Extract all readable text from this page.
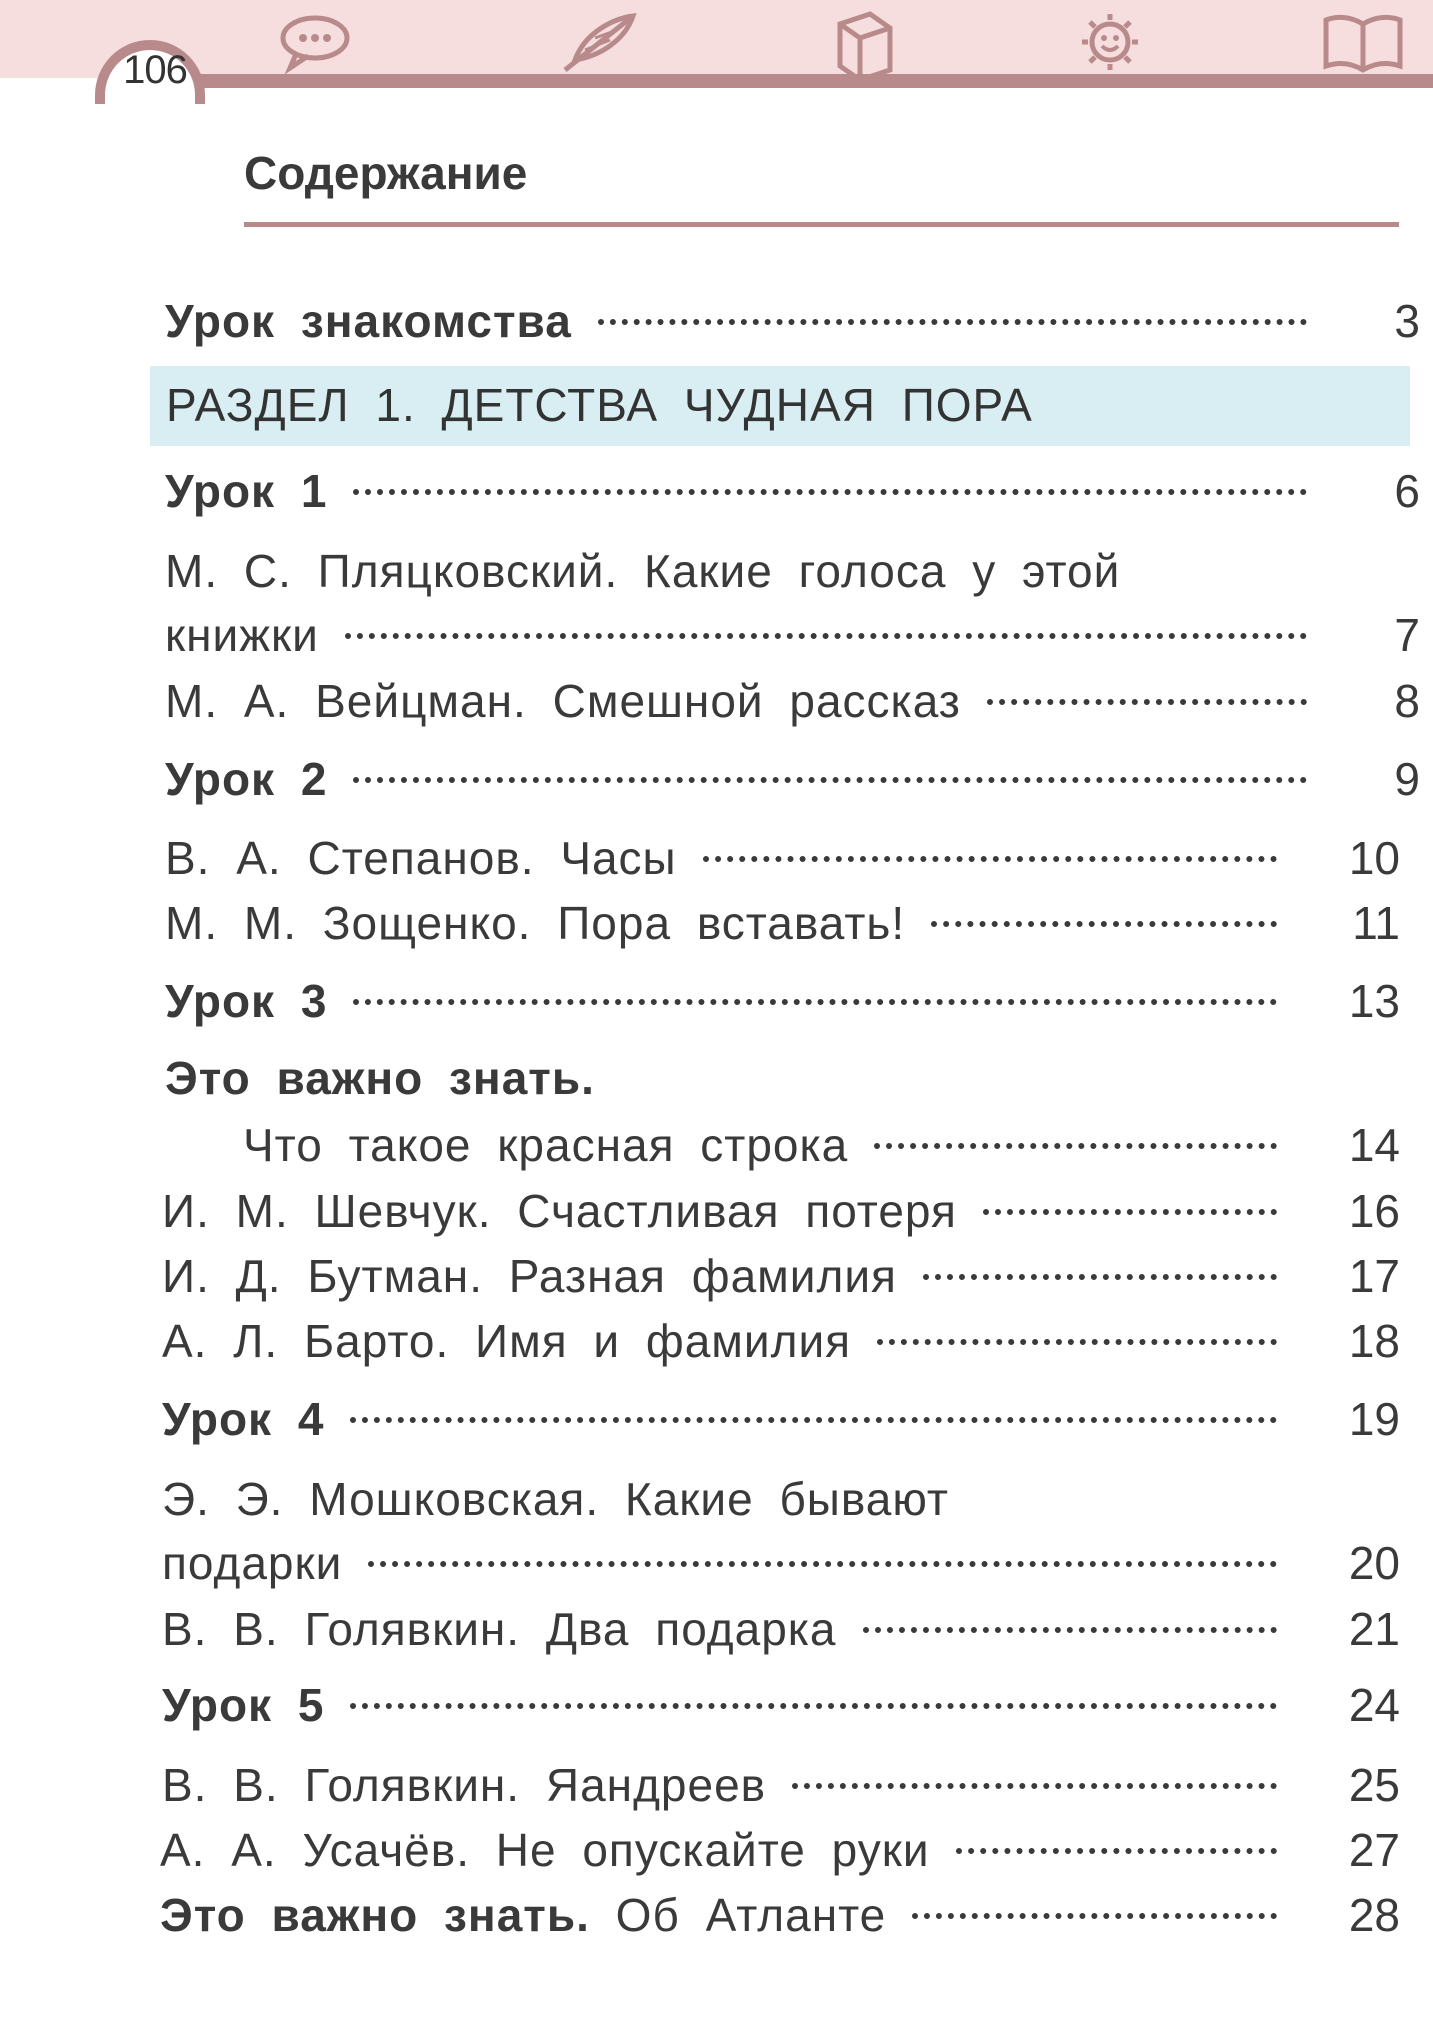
106
Содержание
Урок знакомства	3
РАЗДЕЛ 1. ДЕТСТВА ЧУДНАЯ ПОРА
Урок 1	6
М. С. Пляцковский. Какие голоса у этой
книжки	7
М. А. Вейцман. Смешной рассказ	8
Урок 2	9
В. А. Степанов. Часы	10
М. М. Зощенко. Пора вставать!	11
Урок 3	13
Это важно знать.
Что такое красная строка	14
И. М. Шевчук. Счастливая потеря	16
И. Д. Бутман. Разная фамилия	17
А. Л. Барто. Имя и фамилия	18
Урок 4	19
Э. Э. Мошковская. Какие бывают
подарки	20
В. В. Голявкин. Два подарка	21
Урок 5	24
В. В. Голявкин. Яандреев	25
А. А. Усачёв. Не опускайте руки	27
Это важно знать. Об Атланте	28
